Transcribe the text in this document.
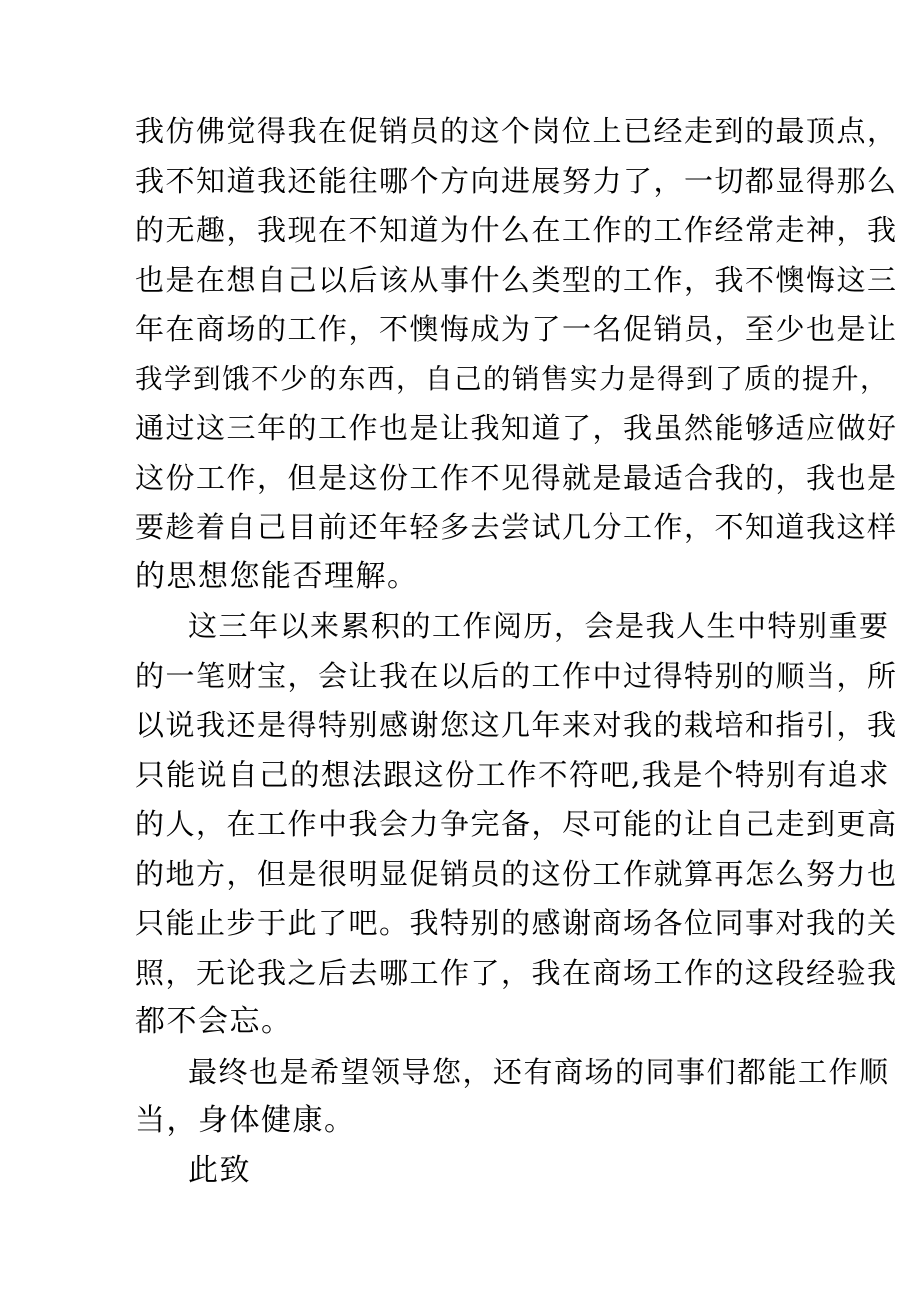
我仿佛觉得我在促销员的这个岗位上已经走到的最顶点，
我不知道我还能往哪个方向进展努力了，一切都显得那么
的无趣，我现在不知道为什么在工作的工作经常走神，我
也是在想自己以后该从事什么类型的工作，我不懊悔这三
年在商场的工作，不懊悔成为了一名促销员，至少也是让
我学到饿不少的东西，自己的销售实力是得到了质的提升，
通过这三年的工作也是让我知道了，我虽然能够适应做好
这份工作，但是这份工作不见得就是最适合我的，我也是
要趁着自己目前还年轻多去尝试几分工作，不知道我这样
的思想您能否理解。
这三年以来累积的工作阅历，会是我人生中特别重要
的一笔财宝，会让我在以后的工作中过得特别的顺当，所
以说我还是得特别感谢您这几年来对我的栽培和指引，我
只能说自己的想法跟这份工作不符吧,我是个特别有追求
的人，在工作中我会力争完备，尽可能的让自己走到更高
的地方，但是很明显促销员的这份工作就算再怎么努力也
只能止步于此了吧。我特别的感谢商场各位同事对我的关
照，无论我之后去哪工作了，我在商场工作的这段经验我
都不会忘。
最终也是希望领导您，还有商场的同事们都能工作顺
当，身体健康。
此致
